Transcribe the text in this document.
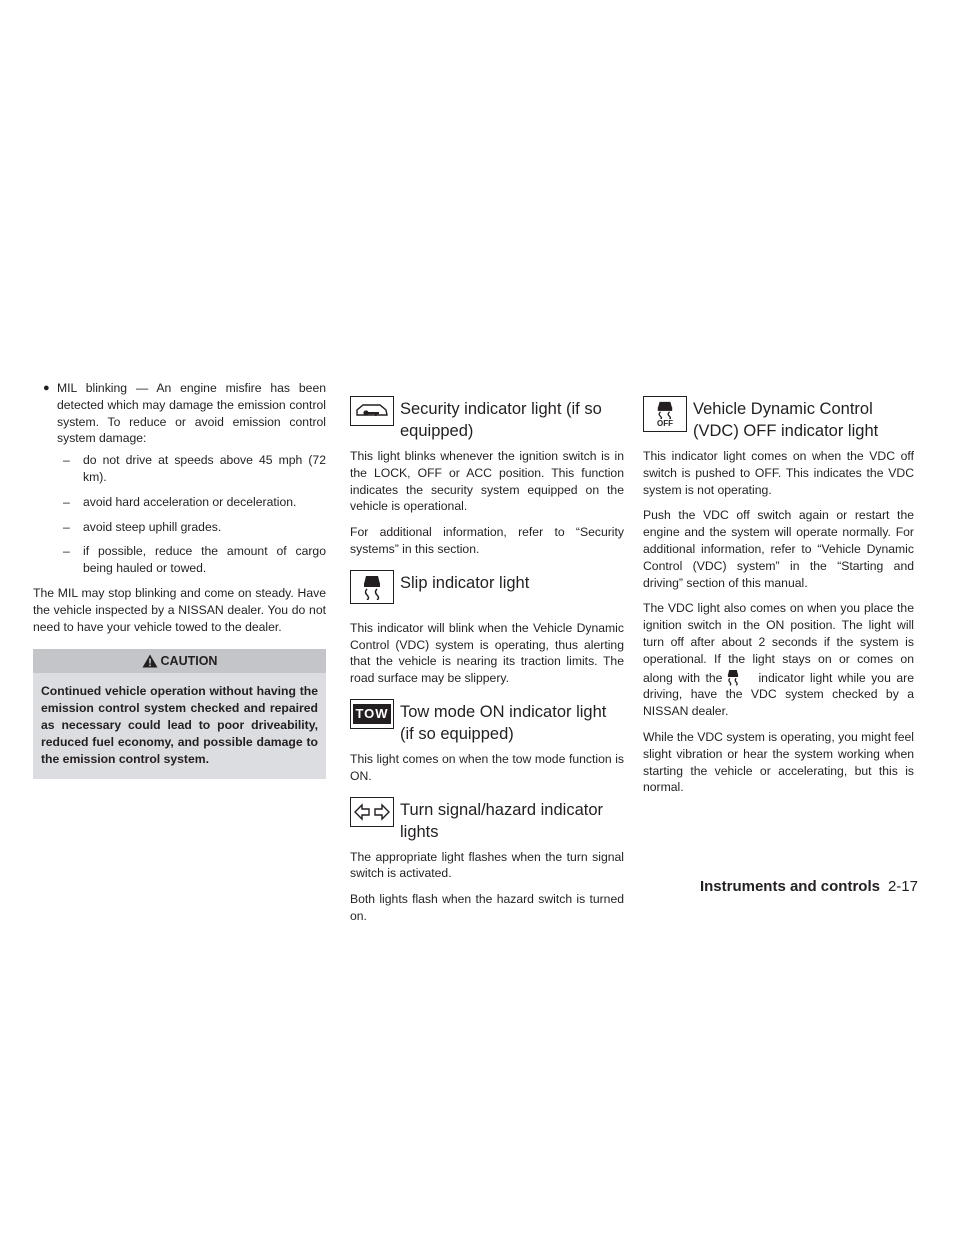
● MIL blinking — An engine misfire has been detected which may damage the emission control system. To reduce or avoid emission control system damage:
–	do not drive at speeds above 45 mph (72 km).
–	avoid hard acceleration or deceleration.
–	avoid steep uphill grades.
–	if possible, reduce the amount of cargo being hauled or towed.

The MIL may stop blinking and come on steady. Have the vehicle inspected by a NISSAN dealer. You do not need to have your vehicle towed to the dealer.

CAUTION
Continued vehicle operation without having the emission control system checked and repaired as necessary could lead to poor driveability, reduced fuel economy, and possible damage to the emission control system.
Security indicator light (if so equipped)

This light blinks whenever the ignition switch is in the LOCK, OFF or ACC position. This function indicates the security system equipped on the vehicle is operational.

For additional information, refer to “Security systems” in this section.

Slip indicator light

This indicator will blink when the Vehicle Dynamic Control (VDC) system is operating, thus alerting that the vehicle is nearing its traction limits. The road surface may be slippery.

TOW Tow mode ON indicator light (if so equipped)

This light comes on when the tow mode function is ON.

Turn signal/hazard indicator lights

The appropriate light flashes when the turn signal switch is activated.

Both lights flash when the hazard switch is turned on.

OFF
Vehicle Dynamic Control (VDC) OFF indicator light

This indicator light comes on when the VDC off switch is pushed to OFF. This indicates the VDC system is not operating.

Push the VDC off switch again or restart the engine and the system will operate normally. For additional information, refer to “Vehicle Dynamic Control (VDC) system” in the “Starting and driving” section of this manual.

The VDC light also comes on when you place the ignition switch in the ON position. The light will turn off after about 2 seconds if the system is operational. If the light stays on or comes on along with the	indicator light while you are driving, have the VDC system checked by a NISSAN dealer.

While the VDC system is operating, you might feel slight vibration or hear the system working when starting the vehicle or accelerating, but this is normal.

Instruments and controls 2-17
